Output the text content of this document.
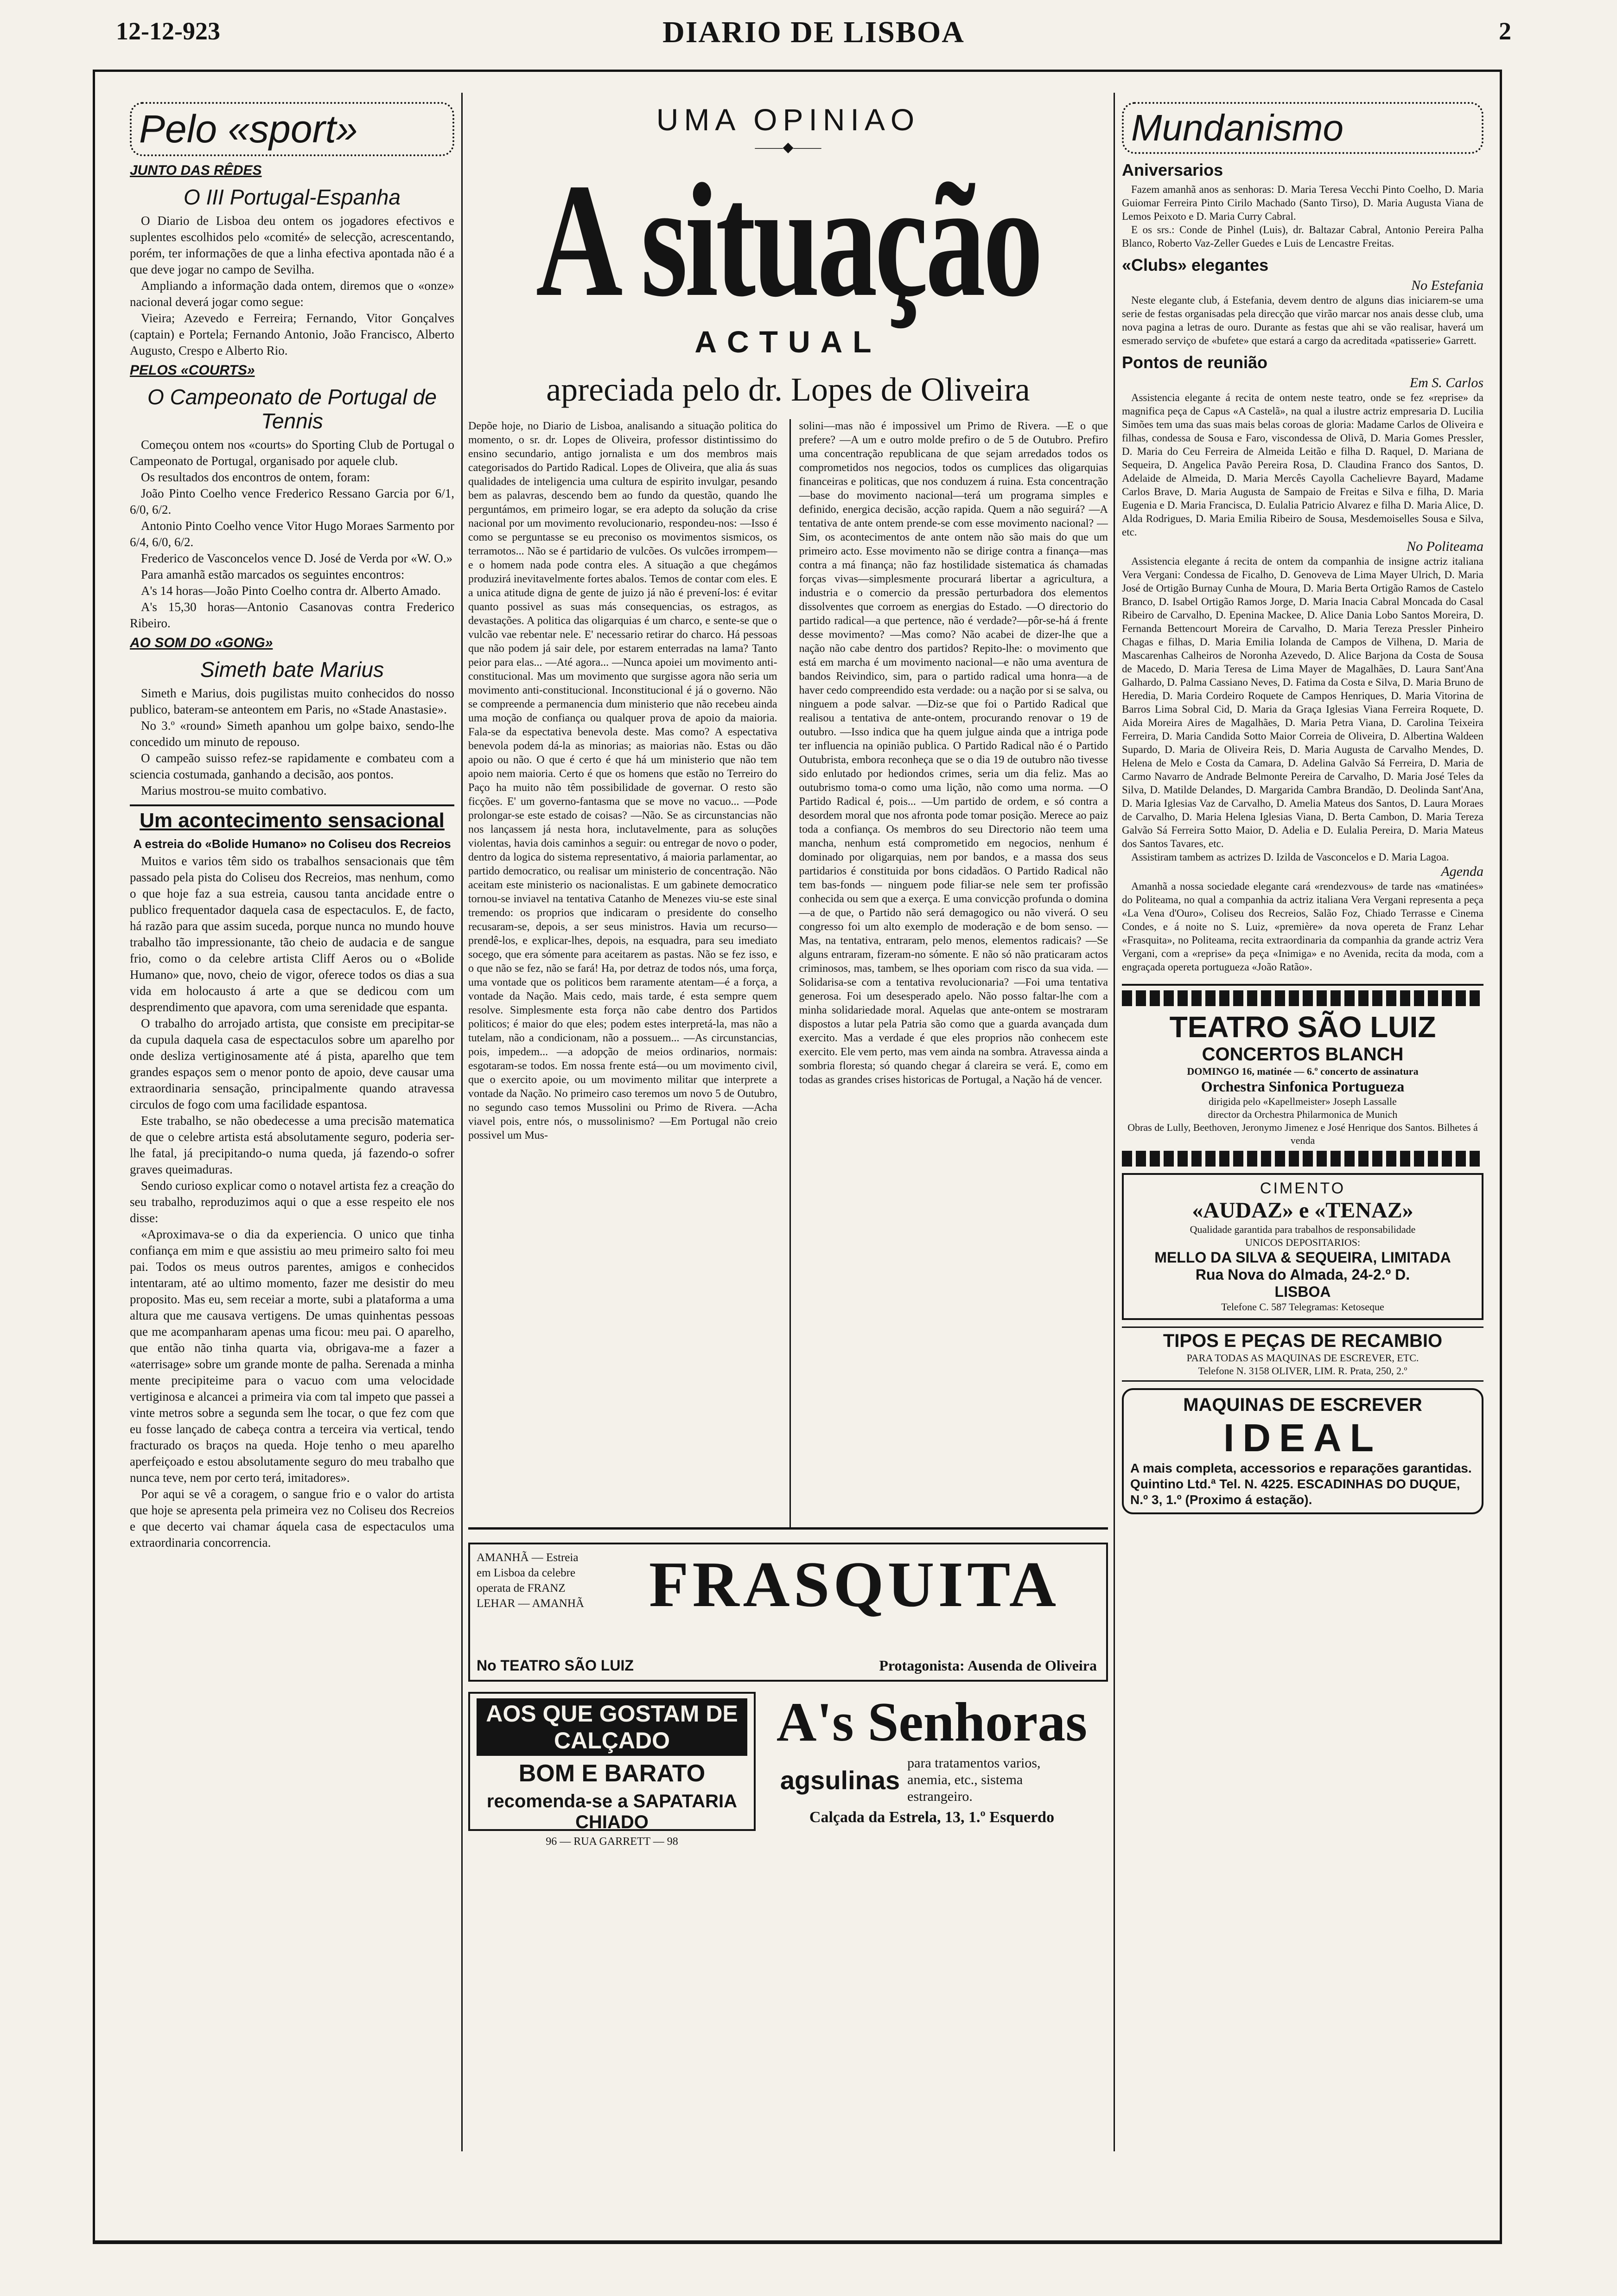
12-12-923	DIARIO DE LISBOA	2
Pelo «sport»
JUNTO DAS RÊDES
O III Portugal-Espanha

O Diario de Lisboa deu ontem os jogadores efectivos e suplentes escolhidos pelo «comité» de selecção, acrescentando, porém, ter informações de que a linha efectiva apontada não é a que deve jogar no campo de Sevilha.

Ampliando a informação dada ontem, diremos que o «onze» nacional deverá jogar como segue:

Vieira; Azevedo e Ferreira; Fernando, Vitor Gonçalves (captain) e Portela; Fernando Antonio, João Francisco, Alberto Augusto, Crespo e Alberto Rio.

PELOS «COURTS»
O Campeonato de Portugal de Tennis

Começou ontem nos «courts» do Sporting Club de Portugal o Campeonato de Portugal, organisado por aquele club.

Os resultados dos encontros de ontem, foram:

João Pinto Coelho vence Frederico Ressano Garcia por 6/1, 6/0, 6/2.

Antonio Pinto Coelho vence Vitor Hugo Moraes Sarmento por 6/4, 6/0, 6/2.

Frederico de Vasconcelos vence D. José de Verda por «W. O.»

Para amanhã estão marcados os seguintes encontros:

A's 14 horas—João Pinto Coelho contra dr. Alberto Amado.

A's 15,30 horas—Antonio Casanovas contra Frederico Ribeiro.

AO SOM DO «GONG»
Simeth bate Marius

Simeth e Marius, dois pugilistas muito conhecidos do nosso publico, bateram-se anteontem em Paris, no «Stade Anastasie».

No 3.º «round» Simeth apanhou um golpe baixo, sendo-lhe concedido um minuto de repouso.

O campeão suisso refez-se rapidamente e combateu com a sciencia costumada, ganhando a decisão, aos pontos.

Marius mostrou-se muito combativo.

Um acontecimento sensacional
A estreia do «Bolide Humano» no Coliseu dos Recreios

Muitos e varios têm sido os trabalhos sensacionais que têm passado pela pista do Coliseu dos Recreios, mas nenhum, como o que hoje faz a sua estreia, causou tanta ancidade entre o publico frequentador daquela casa de espectaculos. E, de facto, há razão para que assim suceda, porque nunca no mundo houve trabalho tão impressionante, tão cheio de audacia e de sangue frio, como o da celebre artista Cliff Aeros ou o «Bolide Humano» que, novo, cheio de vigor, oferece todos os dias a sua vida em holocausto á arte a que se dedicou com um desprendimento que apavora, com uma serenidade que espanta.

O trabalho do arrojado artista, que consiste em precipitar-se da cupula daquela casa de espectaculos sobre um aparelho por onde desliza vertiginosamente até á pista, aparelho que tem grandes espaços sem o menor ponto de apoio, deve causar uma extraordinaria sensação, principalmente quando atravessa circulos de fogo com uma facilidade espantosa.

Este trabalho, se não obedecesse a uma precisão matematica de que o celebre artista está absolutamente seguro, poderia ser-lhe fatal, já precipitando-o numa queda, já fazendo-o sofrer graves queimaduras.

Sendo curioso explicar como o notavel artista fez a creação do seu trabalho, reproduzimos aqui o que a esse respeito ele nos disse:

«Aproximava-se o dia da experiencia. O unico que tinha confiança em mim e que assistiu ao meu primeiro salto foi meu pai. Todos os meus outros parentes, amigos e conhecidos intentaram, até ao ultimo momento, fazer me desistir do meu proposito. Mas eu, sem receiar a morte, subi a plataforma a uma altura que me causava vertigens. De umas quinhentas pessoas que me acompanharam apenas uma ficou: meu pai. O aparelho, que então não tinha quarta via, obrigava-me a fazer a «aterrisage» sobre um grande monte de palha. Serenada a minha mente precipiteime para o vacuo com uma velocidade vertiginosa e alcancei a primeira via com tal impeto que passei a vinte metros sobre a segunda sem lhe tocar, o que fez com que eu fosse lançado de cabeça contra a terceira via vertical, tendo fracturado os braços na queda. Hoje tenho o meu aparelho aperfeiçoado e estou absolutamente seguro do meu trabalho que nunca teve, nem por certo terá, imitadores».

Por aqui se vê a coragem, o sangue frio e o valor do artista que hoje se apresenta pela primeira vez no Coliseu dos Recreios e que decerto vai chamar áquela casa de espectaculos uma extraordinaria concorrencia.

UMA OPINIAO
——◆——
A situação
ACTUAL
apreciada pelo dr. Lopes de Oliveira

Depõe hoje, no Diario de Lisboa, analisando a situação politica do momento, o sr. dr. Lopes de Oliveira, professor distintissimo do ensino secundario, antigo jornalista e um dos membros mais categorisados do Partido Radical. Lopes de Oliveira, que alia ás suas qualidades de inteligencia uma cultura de espirito invulgar, pesando bem as palavras, descendo bem ao fundo da questão, quando lhe perguntámos, em primeiro logar, se era adepto da solução da crise nacional por um movimento revolucionario, respondeu-nos: —Isso é como se perguntasse se eu preconiso os movimentos sismicos, os terramotos... Não se é partidario de vulcões. Os vulcões irrompem—e o homem nada pode contra eles. A situação a que chegámos produzirá inevitavelmente fortes abalos. Temos de contar com eles. E a unica atitude digna de gente de juizo já não é prevení-los: é evitar quanto possivel as suas más consequencias, os estragos, as devastações. A politica das oligarquias é um charco, e sente-se que o vulcão vae rebentar nele. E' necessario retirar do charco. Há pessoas que não podem já sair dele, por estarem enterradas na lama? Tanto peior para elas... —Até agora... —Nunca apoiei um movimento anti-constitucional. Mas um movimento que surgisse agora não seria um movimento anti-constitucional. Inconstitucional é já o governo. Não se compreende a permanencia dum ministerio que não recebeu ainda uma moção de confiança ou qualquer prova de apoio da maioria. Fala-se da espectativa benevola deste. Mas como? A espectativa benevola podem dá-la as minorias; as maiorias não. Estas ou dão apoio ou não. O que é certo é que há um ministerio que não tem apoio nem maioria. Certo é que os homens que estão no Terreiro do Paço ha muito não têm possibilidade de governar. O resto são ficções. E' um governo-fantasma que se move no vacuo... —Pode prolongar-se este estado de coisas? —Não. Se as circunstancias não nos lançassem já nesta hora, inclutavelmente, para as soluções violentas, havia dois caminhos a seguir: ou entregar de novo o poder, dentro da logica do sistema representativo, á maioria parlamentar, ao partido democratico, ou realisar um ministerio de concentração. Não aceitam este ministerio os nacionalistas. E um gabinete democratico tornou-se inviavel na tentativa Catanho de Menezes viu-se este sinal tremendo: os proprios que indicaram o presidente do conselho recusaram-se, depois, a ser seus ministros. Havia um recurso—prendê-los, e explicar-lhes, depois, na esquadra, para seu imediato socego, que era sómente para aceitarem as pastas. Não se fez isso, e o que não se fez, não se fará! Ha, por detraz de todos nós, uma força, uma vontade que os politicos bem raramente atentam—é a força, a vontade da Nação. Mais cedo, mais tarde, é esta sempre quem resolve. Simplesmente esta força não cabe dentro dos Partidos politicos; é maior do que eles; podem estes interpretá-la, mas não a tutelam, não a condicionam, não a possuem... —As circunstancias, pois, impedem... —a adopção de meios ordinarios, normais: esgotaram-se todos. Em nossa frente está—ou um movimento civil, que o exercito apoie, ou um movimento militar que interprete a vontade da Nação. No primeiro caso teremos um novo 5 de Outubro, no segundo caso temos Mussolini ou Primo de Rivera. —Acha viavel pois, entre nós, o mussolinismo? —Em Portugal não creio possivel um Mus-

solini—mas não é impossivel um Primo de Rivera. —E o que prefere? —A um e outro molde prefiro o de 5 de Outubro. Prefiro uma concentração republicana de que sejam arredados todos os comprometidos nos negocios, todos os cumplices das oligarquias financeiras e politicas, que nos conduzem á ruina. Esta concentração—base do movimento nacional—terá um programa simples e definido, energica decisão, acção rapida. Quem a não seguirá? —A tentativa de ante ontem prende-se com esse movimento nacional? —Sim, os acontecimentos de ante ontem não são mais do que um primeiro acto. Esse movimento não se dirige contra a finança—mas contra a má finança; não faz hostilidade sistematica ás chamadas forças vivas—simplesmente procurará libertar a agricultura, a industria e o comercio da pressão perturbadora dos elementos dissolventes que corroem as energias do Estado. —O directorio do partido radical—a que pertence, não é verdade?—pôr-se-há á frente desse movimento? —Mas como? Não acabei de dizer-lhe que a nação não cabe dentro dos partidos? Repito-lhe: o movimento que está em marcha é um movimento nacional—e não uma aventura de bandos Reivindico, sim, para o partido radical uma honra—a de haver cedo compreendido esta verdade: ou a nação por si se salva, ou ninguem a pode salvar. —Diz-se que foi o Partido Radical que realisou a tentativa de ante-ontem, procurando renovar o 19 de outubro. —Isso indica que ha quem julgue ainda que a intriga pode ter influencia na opinião publica. O Partido Radical não é o Partido Outubrista, embora reconheça que se o dia 19 de outubro não tivesse sido enlutado por hediondos crimes, seria um dia feliz. Mas ao outubrismo toma-o como uma lição, não como uma norma. —O Partido Radical é, pois... —Um partido de ordem, e só contra a desordem moral que nos afronta pode tomar posição. Merece ao paiz toda a confiança. Os membros do seu Directorio não teem uma mancha, nenhum está comprometido em negocios, nenhum é dominado por oligarquias, nem por bandos, e a massa dos seus partidarios é constituida por bons cidadãos. O Partido Radical não tem bas-fonds — ninguem pode filiar-se nele sem ter profissão conhecida ou sem que a exerça. E uma convicção profunda o domina—a de que, o Partido não será demagogico ou não viverá. O seu congresso foi um alto exemplo de moderação e de bom senso. —Mas, na tentativa, entraram, pelo menos, elementos radicais? —Se alguns entraram, fizeram-no sómente. E não só não praticaram actos criminosos, mas, tambem, se lhes oporiam com risco da sua vida. —Solidarisa-se com a tentativa revolucionaria? —Foi uma tentativa generosa. Foi um desesperado apelo. Não posso faltar-lhe com a minha solidariedade moral. Aquelas que ante-ontem se mostraram dispostos a lutar pela Patria são como que a guarda avançada dum exercito. Mas a verdade é que eles proprios não conhecem este exercito. Ele vem perto, mas vem ainda na sombra. Atravessa ainda a sombria floresta; só quando chegar á clareira se verá. E, como em todas as grandes crises historicas de Portugal, a Nação há de vencer.

AMANHÃ — Estreia
em Lisboa da celebre
operata de FRANZ
LEHAR — AMANHÃ FRASQUITA
No TEATRO SÃO LUIZ	Protagonista: Ausenda de Oliveira
AOS QUE GOSTAM DE CALÇADO
BOM E BARATO
recomenda-se a SAPATARIA CHIADO
96 — RUA GARRETT — 98
A's Senhoras
agsulinas
para tratamentos varios, anemia, etc., sistema estrangeiro.
Calçada da Estrela, 13, 1.º Esquerdo
Mundanismo
Aniversarios

Fazem amanhã anos as senhoras: D. Maria Teresa Vecchi Pinto Coelho, D. Maria Guiomar Ferreira Pinto Cirilo Machado (Santo Tirso), D. Maria Augusta Viana de Lemos Peixoto e D. Maria Curry Cabral.

E os srs.: Conde de Pinhel (Luis), dr. Baltazar Cabral, Antonio Pereira Palha Blanco, Roberto Vaz-Zeller Guedes e Luis de Lencastre Freitas.

«Clubs» elegantes
No Estefania

Neste elegante club, á Estefania, devem dentro de alguns dias iniciarem-se uma serie de festas organisadas pela direcção que virão marcar nos anais desse club, uma nova pagina a letras de ouro. Durante as festas que ahi se vão realisar, haverá um esmerado serviço de «bufete» que estará a cargo da acreditada «patisserie» Garrett.

Pontos de reunião
Em S. Carlos

Assistencia elegante á recita de ontem neste teatro, onde se fez «reprise» da magnifica peça de Capus «A Castelã», na qual a ilustre actriz empresaria D. Lucilia Simões tem uma das suas mais belas coroas de gloria: Madame Carlos de Oliveira e filhas, condessa de Sousa e Faro, viscondessa de Olivã, D. Maria Gomes Pressler, D. Maria do Ceu Ferreira de Almeida Leitão e filha D. Raquel, D. Mariana de Sequeira, D. Angelica Pavão Pereira Rosa, D. Claudina Franco dos Santos, D. Adelaide de Almeida, D. Maria Mercês Cayolla Cachelievre Bayard, Madame Carlos Brave, D. Maria Augusta de Sampaio de Freitas e Silva e filha, D. Maria Eugenia e D. Maria Francisca, D. Eulalia Patricio Alvarez e filha D. Maria Alice, D. Alda Rodrigues, D. Maria Emilia Ribeiro de Sousa, Mesdemoiselles Sousa e Silva, etc.

No Politeama

Assistencia elegante á recita de ontem da companhia de insigne actriz italiana Vera Vergani: Condessa de Ficalho, D. Genoveva de Lima Mayer Ulrich, D. Maria José de Ortigão Burnay Cunha de Moura, D. Maria Berta Ortigão Ramos de Castelo Branco, D. Isabel Ortigão Ramos Jorge, D. Maria Inacia Cabral Moncada do Casal Ribeiro de Carvalho, D. Epenina Mackee, D. Alice Dania Lobo Santos Moreira, D. Fernanda Bettencourt Moreira de Carvalho, D. Maria Tereza Pressler Pinheiro Chagas e filhas, D. Maria Emilia Iolanda de Campos de Vilhena, D. Maria de Mascarenhas Calheiros de Noronha Azevedo, D. Alice Barjona da Costa de Sousa de Macedo, D. Maria Teresa de Lima Mayer de Magalhães, D. Laura Sant'Ana Galhardo, D. Palma Cassiano Neves, D. Fatima da Costa e Silva, D. Maria Bruno de Heredia, D. Maria Cordeiro Roquete de Campos Henriques, D. Maria Vitorina de Barros Lima Sobral Cid, D. Maria da Graça Iglesias Viana Ferreira Roquete, D. Aida Moreira Aires de Magalhães, D. Maria Petra Viana, D. Carolina Teixeira Ferreira, D. Maria Candida Sotto Maior Correia de Oliveira, D. Albertina Waldeen Supardo, D. Maria de Oliveira Reis, D. Maria Augusta de Carvalho Mendes, D. Helena de Melo e Costa da Camara, D. Adelina Galvão Sá Ferreira, D. Maria de Carmo Navarro de Andrade Belmonte Pereira de Carvalho, D. Maria José Teles da Silva, D. Matilde Delandes, D. Margarida Cambra Brandão, D. Deolinda Sant'Ana, D. Maria Iglesias Vaz de Carvalho, D. Amelia Mateus dos Santos, D. Laura Moraes de Carvalho, D. Maria Helena Iglesias Viana, D. Berta Cambon, D. Maria Tereza Galvão Sá Ferreira Sotto Maior, D. Adelia e D. Eulalia Pereira, D. Maria Mateus dos Santos Tavares, etc.

Assistiram tambem as actrizes D. Izilda de Vasconcelos e D. Maria Lagoa.

Agenda

Amanhã a nossa sociedade elegante cará «rendezvous» de tarde nas «matinées» do Politeama, no qual a companhia da actriz italiana Vera Vergani representa a peça «La Vena d'Ouro», Coliseu dos Recreios, Salão Foz, Chiado Terrasse e Cinema Condes, e á noite no S. Luiz, «première» da nova opereta de Franz Lehar «Frasquita», no Politeama, recita extraordinaria da companhia da grande actriz Vera Vergani, com a «reprise» da peça «Inimiga» e no Avenida, recita da moda, com a engraçada opereta portugueza «João Ratão».

TEATRO SÃO LUIZ
CONCERTOS BLANCH
DOMINGO 16, matinée — 6.º concerto de assinatura
Orchestra Sinfonica Portugueza
dirigida pelo «Kapellmeister» Joseph Lassalle
director da Orchestra Philarmonica de Munich
Obras de Lully, Beethoven, Jeronymo Jimenez e José Henrique dos Santos. Bilhetes á venda
CIMENTO
«AUDAZ» e «TENAZ»
Qualidade garantida para trabalhos de responsabilidade
UNICOS DEPOSITARIOS:
MELLO DA SILVA & SEQUEIRA, LIMITADA
Rua Nova do Almada, 24-2.º D.
LISBOA
Telefone C. 587 Telegramas: Ketoseque
TIPOS E PEÇAS DE RECAMBIO
PARA TODAS AS MAQUINAS DE ESCREVER, ETC.
Telefone N. 3158 OLIVER, LIM. R. Prata, 250, 2.º
MAQUINAS DE ESCREVER
IDEAL
A mais completa, accessorios e reparações garantidas. Quintino Ltd.ª Tel. N. 4225. ESCADINHAS DO DUQUE, N.º 3, 1.º (Proximo á estação).
